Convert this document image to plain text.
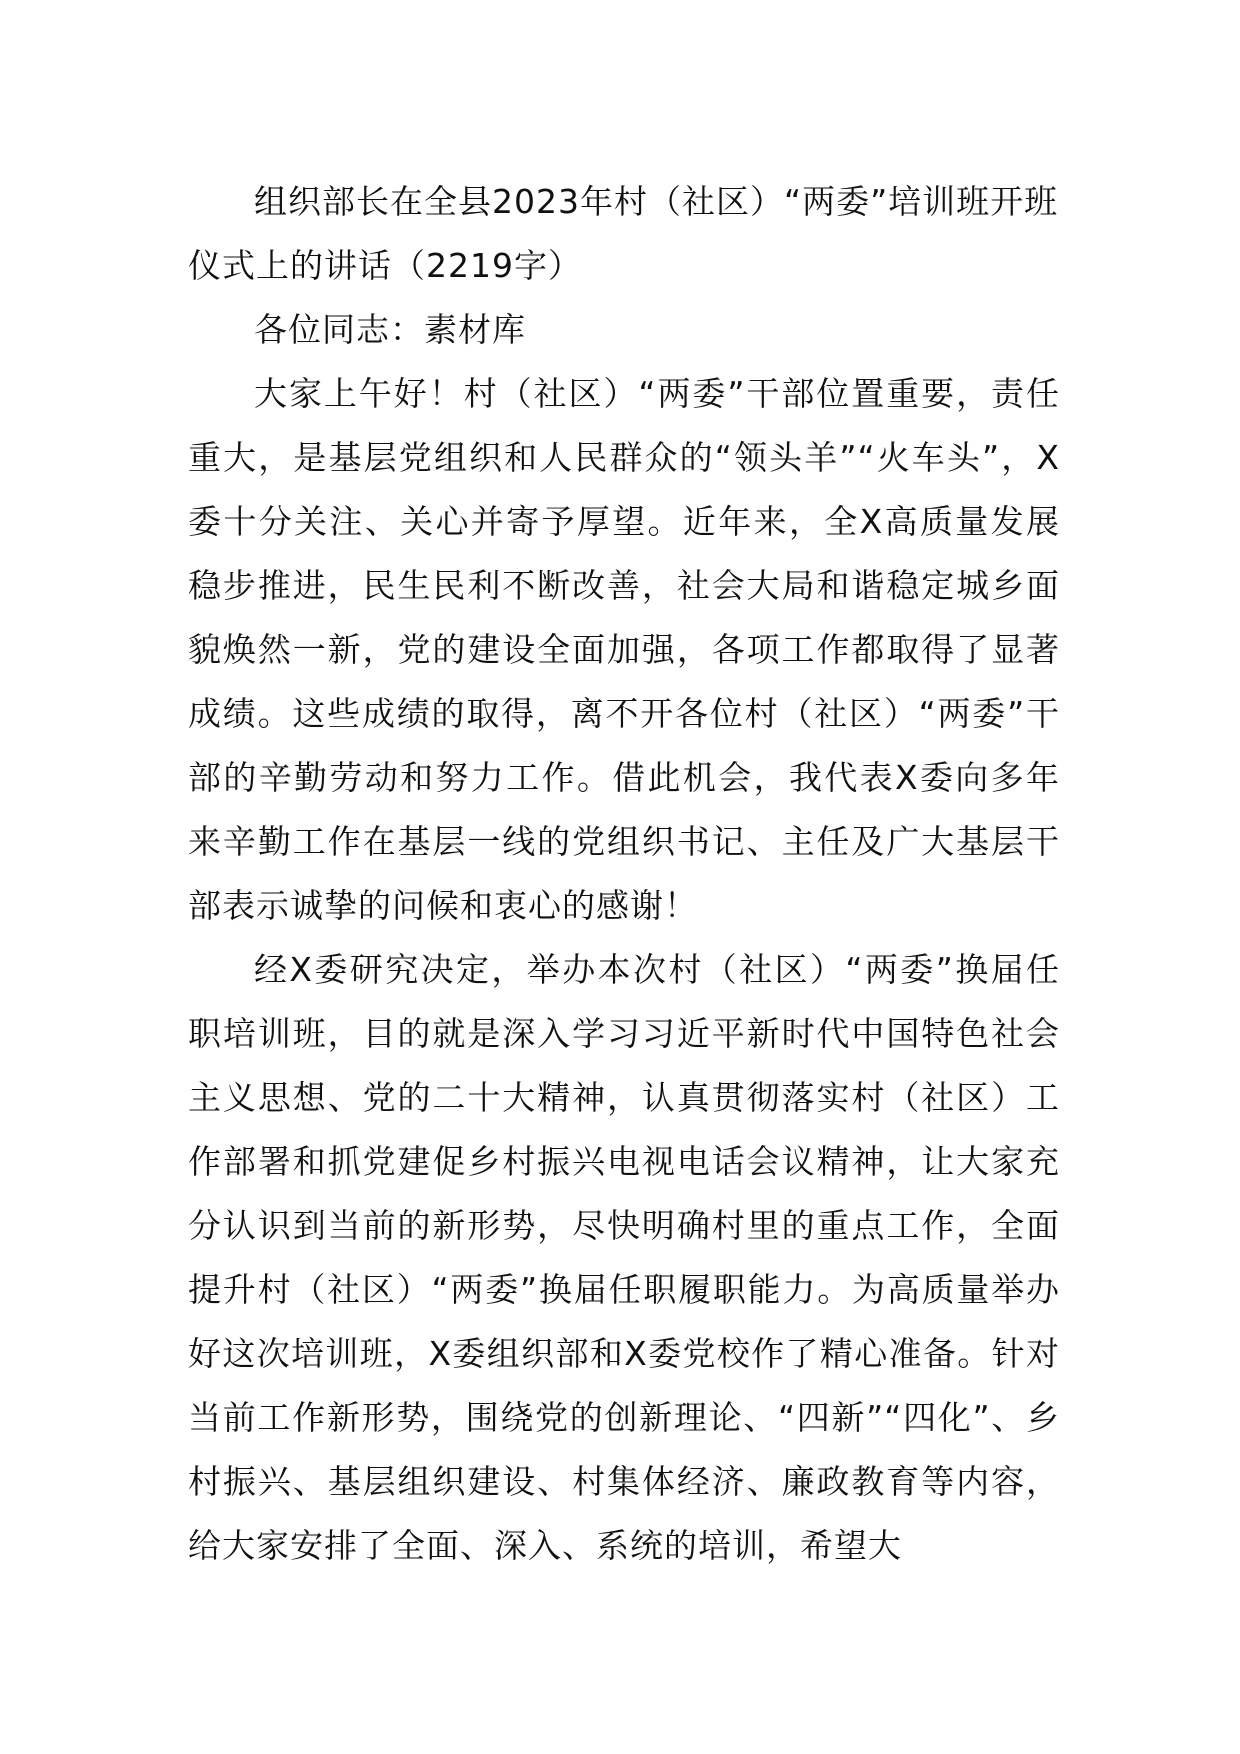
组织部长在全县2023年村（社区）“两委”培训班开班仪式上的讲话（2219字）

各位同志：素材库

大家上午好！村（社区）“两委”干部位置重要，责任重大，是基层党组织和人民群众的“领头羊”“火车头”，X委十分关注、关心并寄予厚望。近年来，全X高质量发展稳步推进，民生民利不断改善，社会大局和谐稳定城乡面貌焕然一新，党的建设全面加强，各项工作都取得了显著成绩。这些成绩的取得，离不开各位村（社区）“两委”干部的辛勤劳动和努力工作。借此机会，我代表X委向多年来辛勤工作在基层一线的党组织书记、主任及广大基层干部表示诚挚的问候和衷心的感谢！

经X委研究决定，举办本次村（社区）“两委”换届任职培训班，目的就是深入学习习近平新时代中国特色社会主义思想、党的二十大精神，认真贯彻落实村（社区）工作部署和抓党建促乡村振兴电视电话会议精神，让大家充分认识到当前的新形势，尽快明确村里的重点工作，全面提升村（社区）“两委”换届任职履职能力。为高质量举办好这次培训班，X委组织部和X委党校作了精心准备。针对当前工作新形势，围绕党的创新理论、“四新”“四化”、乡村振兴、基层组织建设、村集体经济、廉政教育等内容，给大家安排了全面、深入、系统的培训，希望大
